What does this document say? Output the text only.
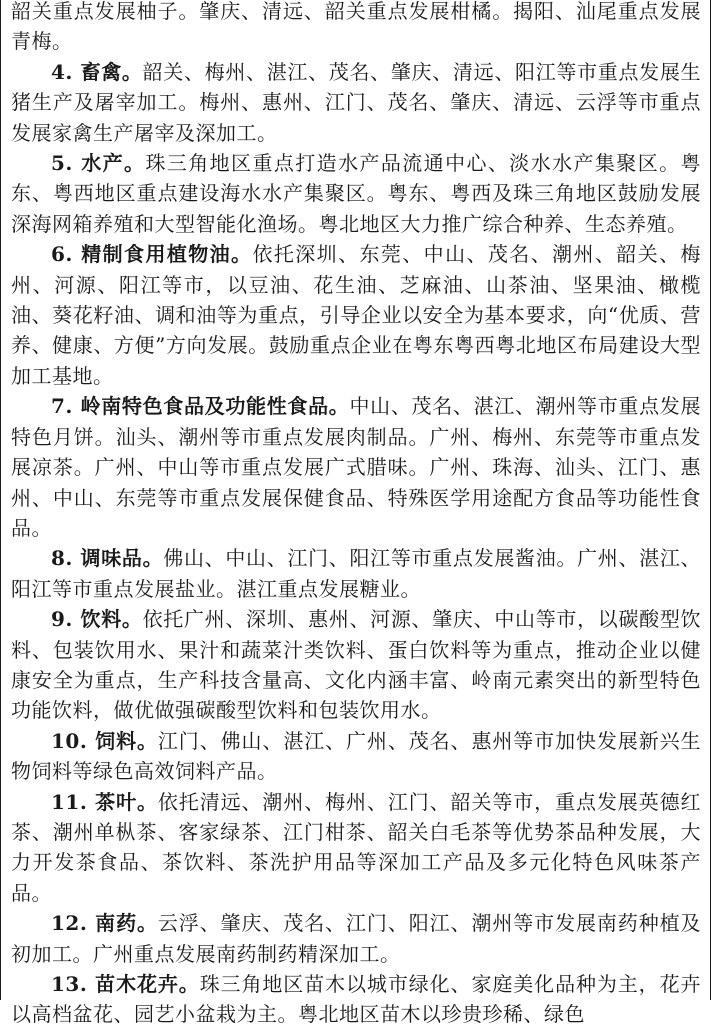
韶关重点发展柚子。肇庆、清远、韶关重点发展柑橘。揭阳、汕尾重点发展青梅。

4. 畜禽。韶关、梅州、湛江、茂名、肇庆、清远、阳江等市重点发展生猪生产及屠宰加工。梅州、惠州、江门、茂名、肇庆、清远、云浮等市重点发展家禽生产屠宰及深加工。

5. 水产。珠三角地区重点打造水产品流通中心、淡水水产集聚区。粤东、粤西地区重点建设海水水产集聚区。粤东、粤西及珠三角地区鼓励发展深海网箱养殖和大型智能化渔场。粤北地区大力推广综合种养、生态养殖。

6. 精制食用植物油。依托深圳、东莞、中山、茂名、潮州、韶关、梅州、河源、阳江等市，以豆油、花生油、芝麻油、山茶油、坚果油、橄榄油、葵花籽油、调和油等为重点，引导企业以安全为基本要求，向“优质、营养、健康、方便”方向发展。鼓励重点企业在粤东粤西粤北地区布局建设大型加工基地。

7. 岭南特色食品及功能性食品。中山、茂名、湛江、潮州等市重点发展特色月饼。汕头、潮州等市重点发展肉制品。广州、梅州、东莞等市重点发展凉茶。广州、中山等市重点发展广式腊味。广州、珠海、汕头、江门、惠州、中山、东莞等市重点发展保健食品、特殊医学用途配方食品等功能性食品。

8. 调味品。佛山、中山、江门、阳江等市重点发展酱油。广州、湛江、阳江等市重点发展盐业。湛江重点发展糖业。

9. 饮料。依托广州、深圳、惠州、河源、肇庆、中山等市，以碳酸型饮料、包装饮用水、果汁和蔬菜汁类饮料、蛋白饮料等为重点，推动企业以健康安全为重点，生产科技含量高、文化内涵丰富、岭南元素突出的新型特色功能饮料，做优做强碳酸型饮料和包装饮用水。

10. 饲料。江门、佛山、湛江、广州、茂名、惠州等市加快发展新兴生物饲料等绿色高效饲料产品。

11. 茶叶。依托清远、潮州、梅州、江门、韶关等市，重点发展英德红茶、潮州单枞茶、客家绿茶、江门柑茶、韶关白毛茶等优势茶品种发展，大力开发茶食品、茶饮料、茶洗护用品等深加工产品及多元化特色风味茶产品。

12. 南药。云浮、肇庆、茂名、江门、阳江、潮州等市发展南药种植及初加工。广州重点发展南药制药精深加工。

13. 苗木花卉。珠三角地区苗木以城市绿化、家庭美化品种为主，花卉以高档盆花、园艺小盆栽为主。粤北地区苗木以珍贵珍稀、绿色
